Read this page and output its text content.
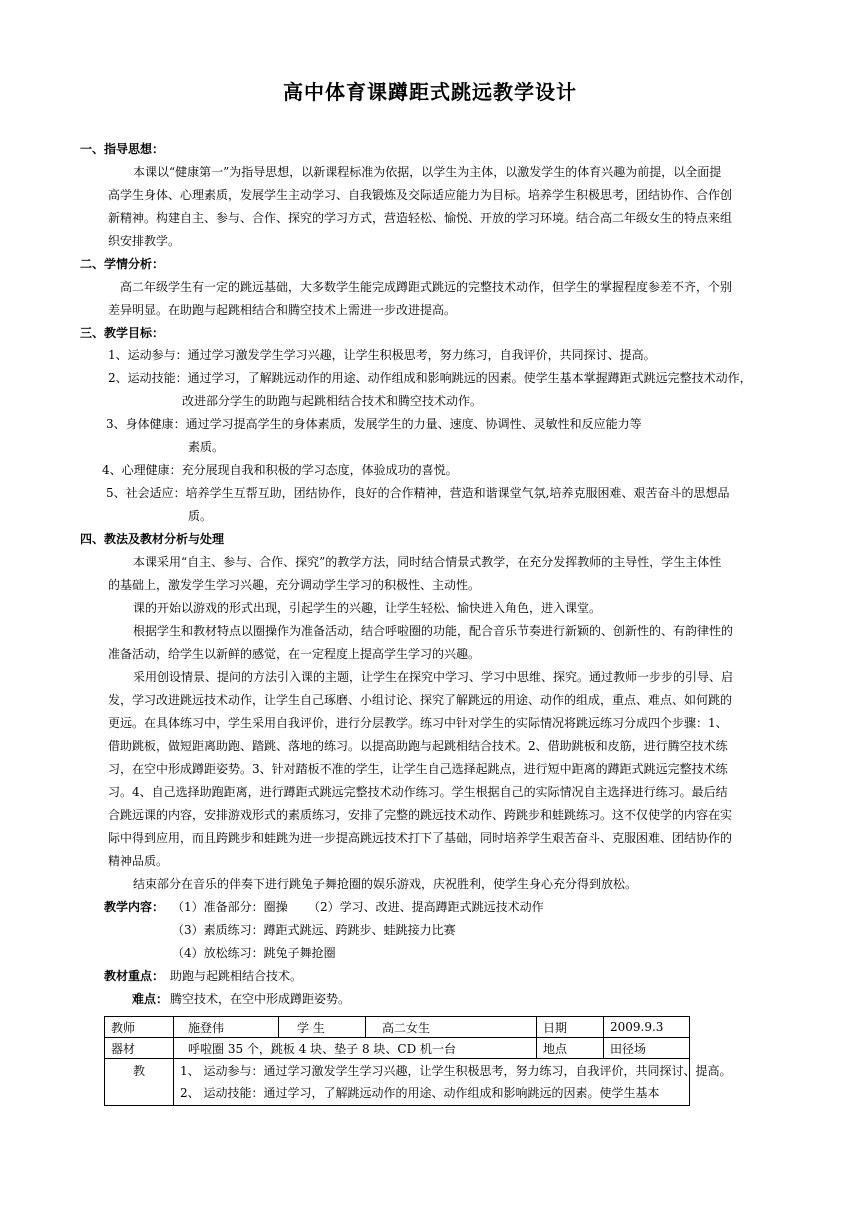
高中体育课蹲距式跳远教学设计
一、指导思想：
本课以“健康第一”为指导思想，以新课程标准为依据，以学生为主体，以激发学生的体育兴趣为前提，以全面提
高学生身体、心理素质，发展学生主动学习、自我锻炼及交际适应能力为目标。培养学生积极思考，团结协作、合作创
新精神。构建自主、参与、合作、探究的学习方式，营造轻松、愉悦、开放的学习环境。结合高二年级女生的特点来组
织安排教学。
二、学情分析：
高二年级学生有一定的跳远基础，大多数学生能完成蹲距式跳远的完整技术动作，但学生的掌握程度参差不齐，个别
差异明显。在助跑与起跳相结合和腾空技术上需进一步改进提高。
三、教学目标：
1、运动参与：通过学习激发学生学习兴趣，让学生积极思考，努力练习，自我评价，共同探讨、提高。
2、运动技能：通过学习，了解跳远动作的用途、动作组成和影响跳远的因素。使学生基本掌握蹲距式跳远完整技术动作，
改进部分学生的助跑与起跳相结合技术和腾空技术动作。
3、身体健康：通过学习提高学生的身体素质，发展学生的力量、速度、协调性、灵敏性和反应能力等
素质。
4、心理健康：充分展现自我和积极的学习态度，体验成功的喜悦。
5、社会适应：培养学生互帮互助，团结协作，良好的合作精神，营造和谐课堂气氛,培养克服困难、艰苦奋斗的思想品
质。
四、教法及教材分析与处理
本课采用“自主、参与、合作、探究”的教学方法，同时结合情景式教学，在充分发挥教师的主导性，学生主体性
的基础上，激发学生学习兴趣，充分调动学生学习的积极性、主动性。
课的开始以游戏的形式出现，引起学生的兴趣，让学生轻松、愉快进入角色，进入课堂。
根据学生和教材特点以圈操作为准备活动，结合呼啦圈的功能，配合音乐节奏进行新颖的、创新性的、有韵律性的
准备活动，给学生以新鲜的感觉，在一定程度上提高学生学习的兴趣。
采用创设情景、提问的方法引入课的主题，让学生在探究中学习、学习中思维、探究。通过教师一步步的引导、启
发，学习改进跳远技术动作，让学生自己琢磨、小组讨论、探究了解跳远的用途、动作的组成，重点、难点、如何跳的
更远。在具体练习中，学生采用自我评价，进行分层教学。练习中针对学生的实际情况将跳远练习分成四个步骤：1、
借助跳板，做短距离助跑、踏跳、落地的练习。以提高助跑与起跳相结合技术。2、借助跳板和皮筋，进行腾空技术练
习，在空中形成蹲距姿势。3、针对踏板不准的学生，让学生自己选择起跳点，进行短中距离的蹲距式跳远完整技术练
习。4、自己选择助跑距离，进行蹲距式跳远完整技术动作练习。学生根据自己的实际情况自主选择进行练习。最后结
合跳远课的内容，安排游戏形式的素质练习，安排了完整的跳远技术动作、跨跳步和蛙跳练习。这不仅使学的内容在实
际中得到应用，而且跨跳步和蛙跳为进一步提高跳远技术打下了基础，同时培养学生艰苦奋斗、克服困难、团结协作的
精神品质。
结束部分在音乐的伴奏下进行跳兔子舞抢圈的娱乐游戏，庆祝胜利，使学生身心充分得到放松。
教学内容： （1）准备部分：圈操 （2）学习、改进、提高蹲距式跳远技术动作
（3）素质练习：蹲距式跳远、跨跳步、蛙跳接力比赛
（4）放松练习：跳兔子舞抢圈
教材重点： 助跑与起跳相结合技术。
难点： 腾空技术，在空中形成蹲距姿势。
教师	施登伟	学 生	高二女生	日期	2009.9.3
器材	呼啦圈 35 个，跳板 4 块、垫子 8 块、CD 机一台			地点	田径场
教	1、 运动参与：通过学习激发学生学习兴趣，让学生积极思考，努力练习，自我评价，共同探讨、提高。
2、 运动技能：通过学习，了解跳远动作的用途、动作组成和影响跳远的因素。使学生基本				
